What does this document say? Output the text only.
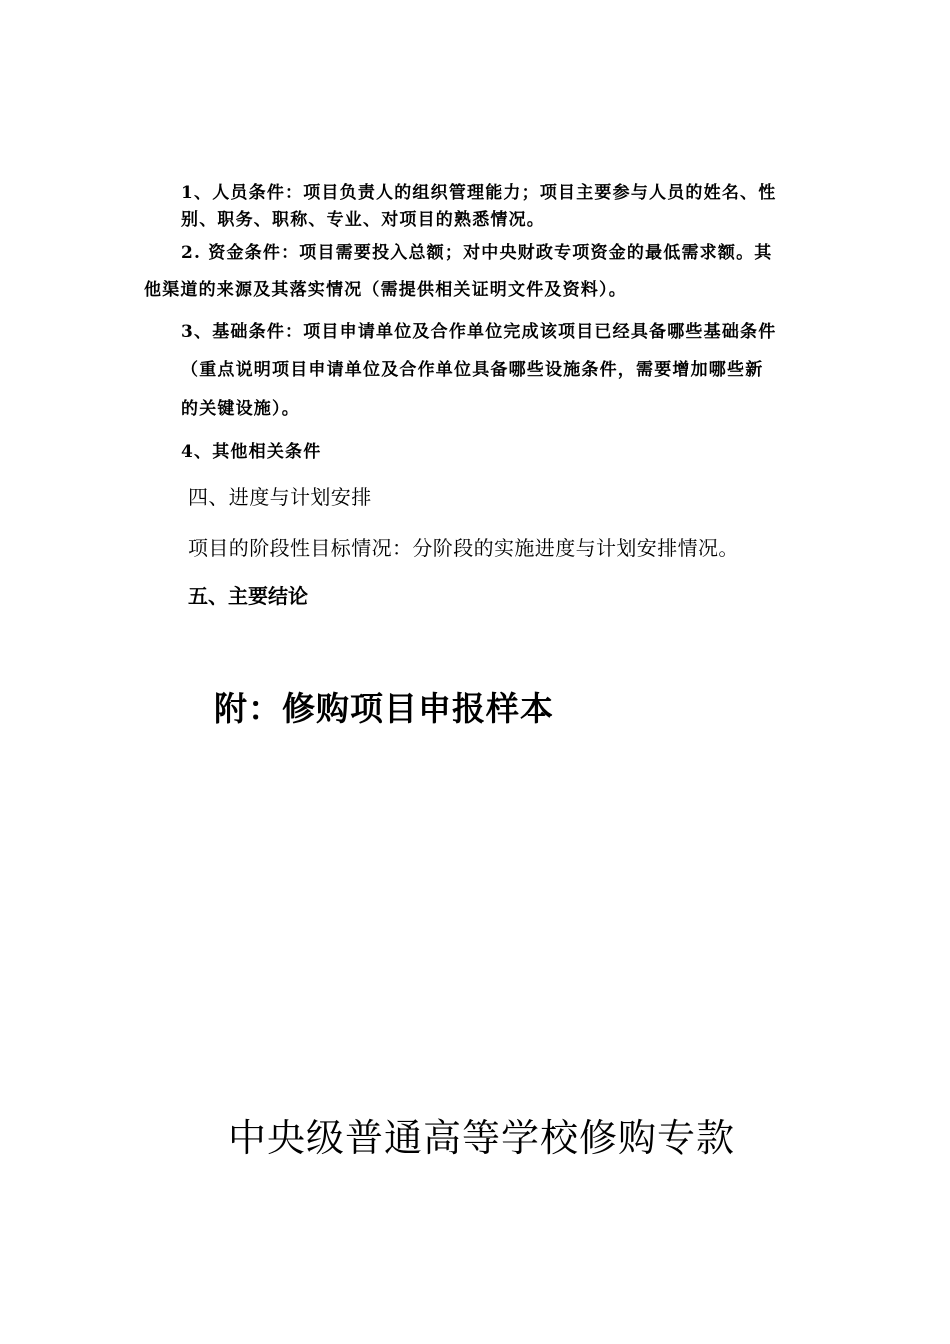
1、人员条件：项目负责人的组织管理能力；项目主要参与人员的姓名、性

别、职务、职称、专业、对项目的熟悉情况。

2. 资金条件：项目需要投入总额；对中央财政专项资金的最低需求额。其

他渠道的来源及其落实情况（需提供相关证明文件及资料）。

3、基础条件：项目申请单位及合作单位完成该项目已经具备哪些基础条件

（重点说明项目申请单位及合作单位具备哪些设施条件，需要增加哪些新

的关键设施）。

4、其他相关条件

四、进度与计划安排

项目的阶段性目标情况：分阶段的实施进度与计划安排情况。

五、主要结论

附：修购项目申报样本

中央级普通高等学校修购专款
